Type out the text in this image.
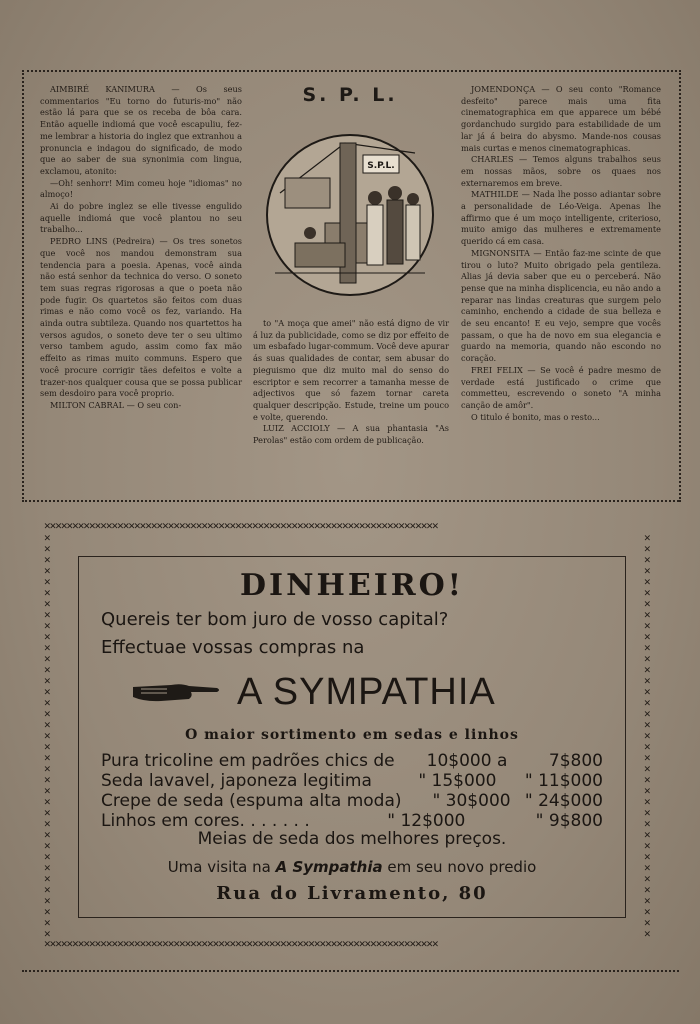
S. P. L.
S.P.L.

AIMBIRÉ KANIMURA — Os seus commentarios "Eu torno do futuris-mo" não estão lá para que se os receba de bôa cara. Então aquelle indiomá que você escapuliu, fez-me lembrar a historia do inglez que extranhou a pronuncia e indagou do significado, de modo que ao saber de sua synonimia com lingua, exclamou, atonito:

—Oh! senhorr! Mim comeu hoje "idiomas" no almoço!

Ai do pobre inglez se elle tivesse engulido aquelle indiomá que você plantou no seu trabalho...

PEDRO LINS (Pedreira) — Os tres sonetos que você nos mandou demonstram sua tendencia para a poesia. Apenas, você ainda não está senhor da technica do verso. O soneto tem suas regras rigorosas a que o poeta não pode fugir. Os quartetos são feitos com duas rimas e não como você os fez, variando. Ha ainda outra subtileza. Quando nos quartettos ha versos agudos, o soneto deve ter o seu ultimo verso tambem agudo, assim como fax mão effeito as rimas muito communs. Espero que você procure corrigir tães defeitos e volte a trazer-nos qualquer cousa que se possa publicar sem desdoiro para você proprio.

MILTON CABRAL — O seu con-

to "A moça que amei" não está digno de vir á luz da publicidade, como se diz por effeito de um esbafado lugar-commum. Você deve apurar ás suas qualidades de contar, sem abusar do pieguismo que diz muito mal do senso do escriptor e sem recorrer a tamanha messe de adjectivos que só fazem tornar careta qualquer descripção. Estude, treine um pouco e volte, querendo.

LUIZ ACCIOLY — A sua phantasia "As Perolas" estão com ordem de publicação.

JOMENDONÇA — O seu conto "Romance desfeito" parece mais uma fita cinematographica em que apparece um bébé gordanchudo surgido para estabilidade de um lar já á beira do abysmo. Mande-nos cousas mais curtas e menos cinematographicas.

CHARLES — Temos alguns trabalhos seus em nossas mãos, sobre os quaes nos externaremos em breve.

MATHILDE — Nada lhe posso adiantar sobre a personalidade de Léo-Veiga. Apenas lhe affirmo que é um moço intelligente, criterioso, muito amigo das mulheres e extremamente querido cá em casa.

MIGNONSITA — Então faz-me scinte de que tirou o luto? Muito obrigado pela gentileza. Alias já devia saber que eu o perceberá. Não pense que na minha displicencia, eu não ando a reparar nas lindas creaturas que surgem pelo caminho, enchendo a cidade de sua belleza e de seu encanto! E eu vejo, sempre que vocês passam, o que ha de novo em sua elegancia e guardo na memoria, quando não escondo no coração.

FREI FELIX — Se você é padre mesmo de verdade está justificado o crime que commetteu, escrevendo o soneto "A minha canção de amôr".

O titulo é bonito, mas o resto...

✕✕✕✕✕✕✕✕✕✕✕✕✕✕✕✕✕✕✕✕✕✕✕✕✕✕✕✕✕✕✕✕✕✕✕✕✕✕✕✕✕✕✕✕✕✕✕✕✕✕✕✕✕✕✕✕✕✕✕✕✕✕✕✕✕✕✕✕✕✕
✕✕✕✕✕✕✕✕✕✕✕✕✕✕✕✕✕✕✕✕✕✕✕✕✕✕✕✕✕✕✕✕✕✕✕✕✕✕✕✕✕✕✕✕✕✕✕✕✕✕✕✕✕✕✕✕✕✕✕✕✕✕✕✕✕✕✕✕✕✕
✕✕✕✕✕✕✕✕✕✕✕✕✕✕✕✕✕✕✕✕✕✕✕✕✕✕✕✕✕✕✕✕✕✕✕✕✕
✕✕✕✕✕✕✕✕✕✕✕✕✕✕✕✕✕✕✕✕✕✕✕✕✕✕✕✕✕✕✕✕✕✕✕✕✕
DINHEIRO!
Quereis ter bom juro de vosso capital?
Effectuae vossas compras na
A SYMPATHIA
O maior sortimento em sedas e linhos
Pura tricoline em padrões chics de	10$000 a	7$800
Seda lavavel, japoneza legitima	" 15$000	" 11$000
Crepe de seda (espuma alta moda)	" 30$000 " 24$000
Linhos em cores. . . . . . .	" 12$000	" 9$800
Meias de seda dos melhores preços.
Uma visita na A Sympathia em seu novo predio
Rua do Livramento, 80
